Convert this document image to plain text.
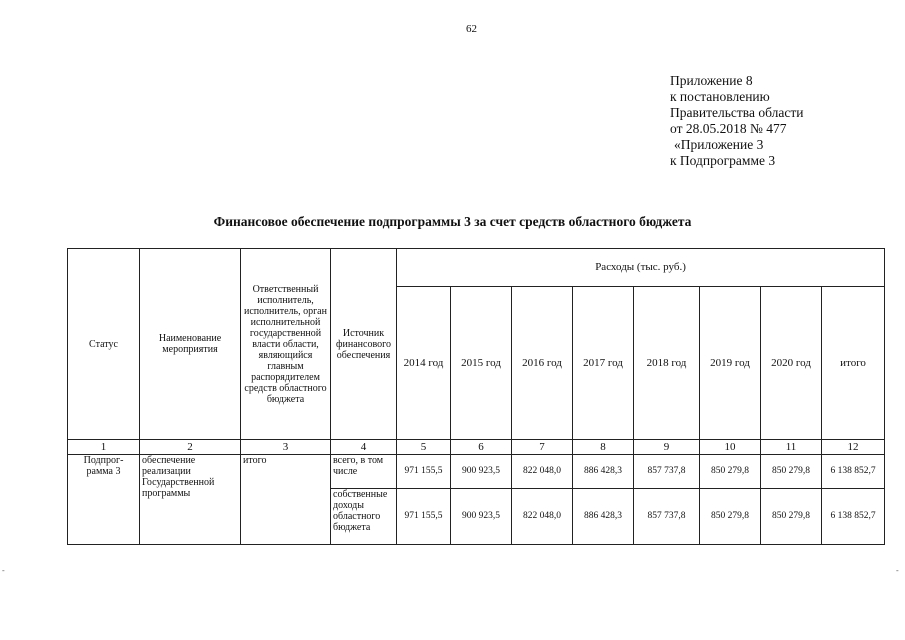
62
Приложение 8
к постановлению
Правительства области
от 28.05.2018 № 477
«Приложение 3
к Подпрограмме 3
Финансовое обеспечение подпрограммы 3 за счет средств областного бюджета
Статус	Наименование мероприятия	Ответственный исполнитель, исполнитель, орган исполнительной государственной власти области, являющийся главным распорядителем средств областного бюджета	Источник финансового обеспечения	Расходы (тыс. руб.)							
				2014 год	2015 год	2016 год	2017 год	2018 год	2019 год	2020 год	итого
1	2	3	4	5	6	7	8	9	10	11	12
Подпрог- рамма 3	обеспечение реализации Государственной программы	итого	всего, в том числе	971 155,5	900 923,5	822 048,0	886 428,3	857 737,8	850 279,8	850 279,8	6 138 852,7
			собственные доходы областного бюджета	971 155,5	900 923,5	822 048,0	886 428,3	857 737,8	850 279,8	850 279,8	6 138 852,7
-	-
